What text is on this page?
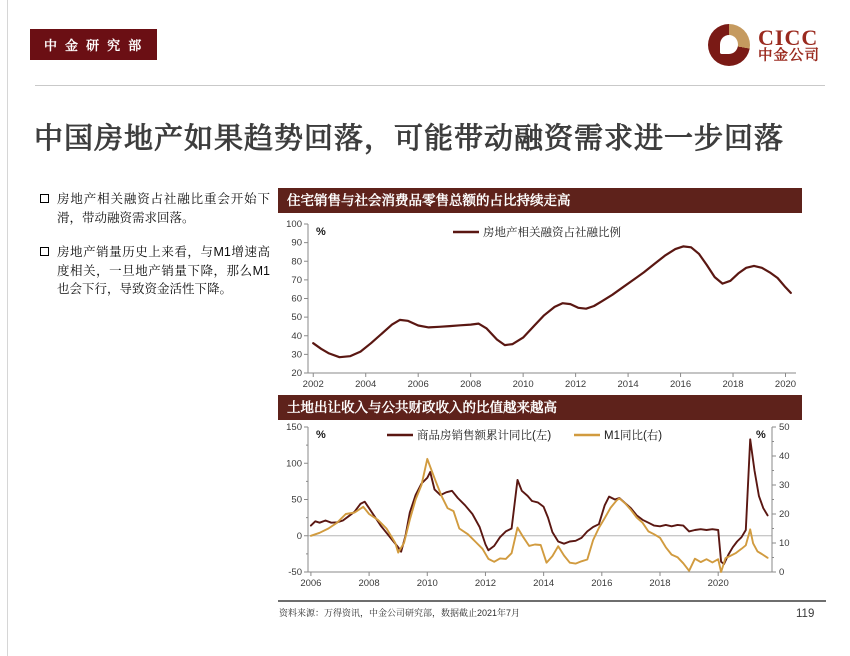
中金研究部	CICC
中金公司
中国房地产如果趋势回落，可能带动融资需求进一步回落
房地产相关融资占社融比重会开始下滑，带动融资需求回落。
房地产销量历史上来看，与M1增速高度相关，一旦地产销量下降，那么M1也会下行，导致资金活性下降。
住宅销售与社会消费品零售总额的占比持续走高
20
30
40
50
60
70
80
90
100
2002	2004	2006	2008	2010	2012	2014	2016	2018	2020
%	房地产相关融资占社融比例
土地出让收入与公共财政收入的比值越来越高
-50
0
50
100
150
0
10
20
30
40
50
2006	2008	2010	2012	2014	2016	2018	2020
%	%
商品房销售额累计同比(左)	M1同比(右)
资料来源：万得资讯，中金公司研究部，数据截止2021年7月	119
